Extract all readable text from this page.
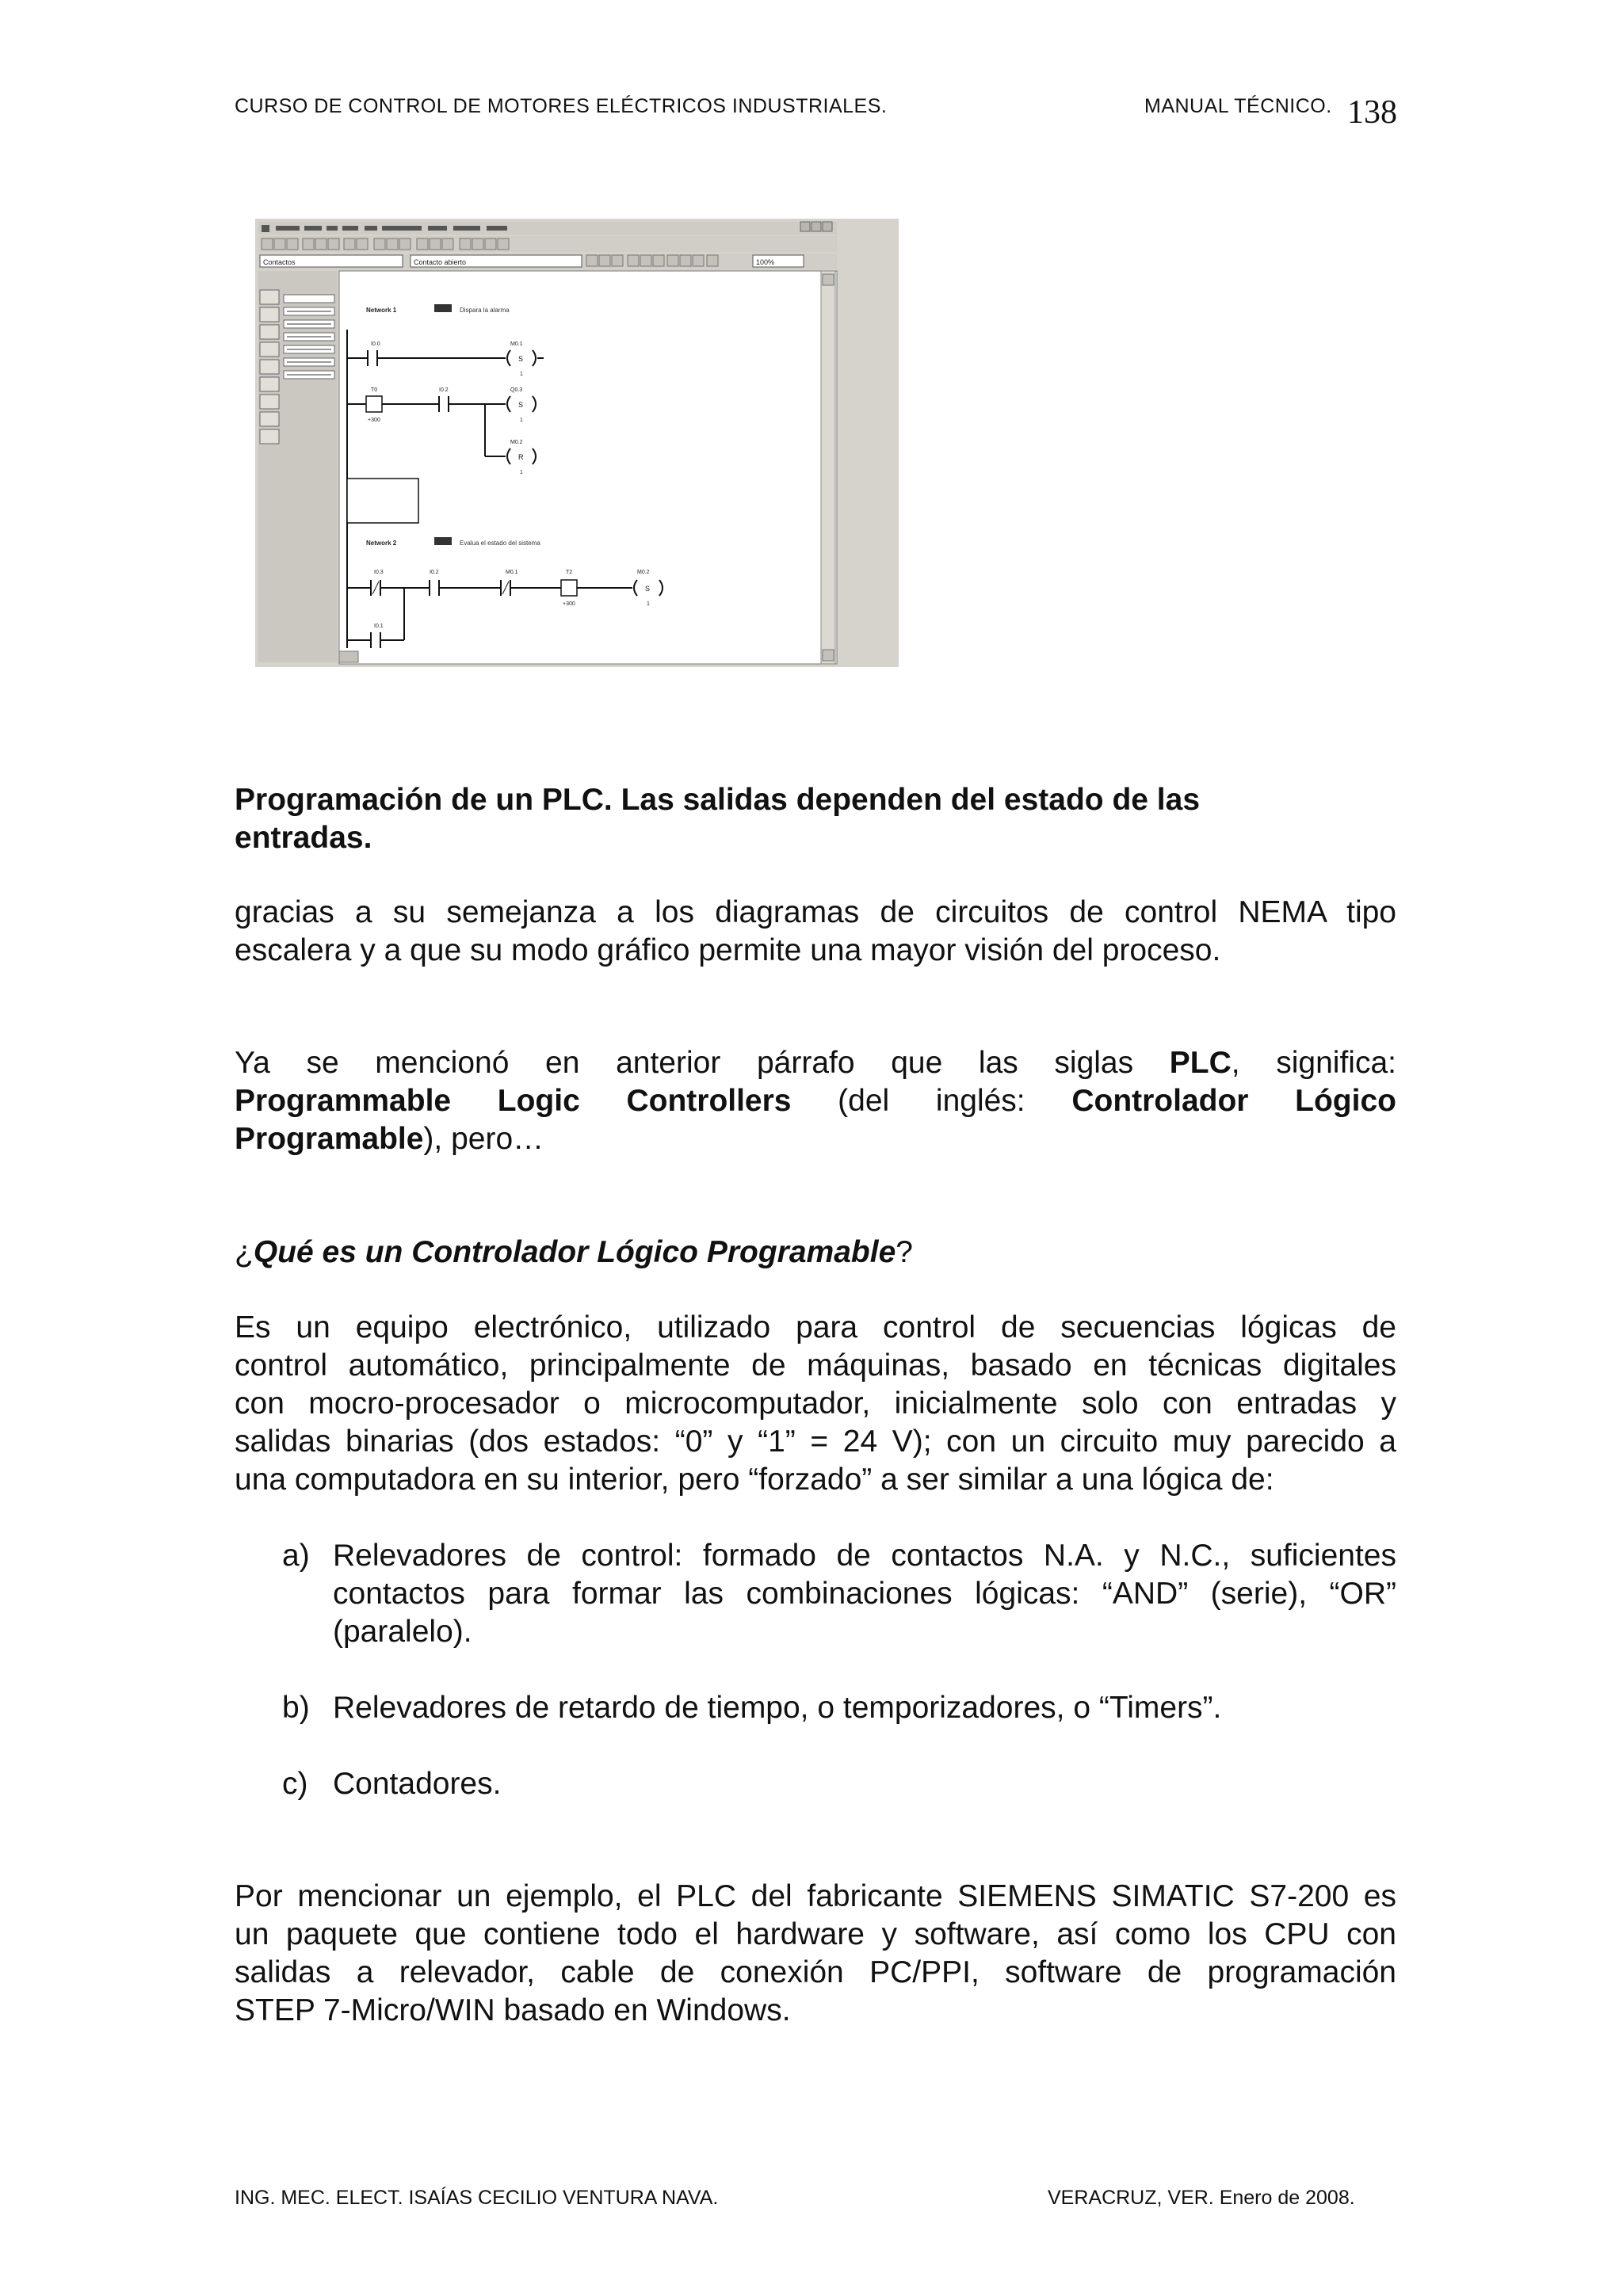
CURSO DE CONTROL DE MOTORES ELÉCTRICOS INDUSTRIALES.	MANUAL TÉCNICO. 138
Contactos	Contacto abierto	100%
Network 1	Dispara la alarma
I0.0	M0.1
S
1
T0
+300
I0.2	Q0.3
S
1
M0.2
R
1
Network 2	Evalua el estado del sistema
I0.3	I0.2	M0.1	T2
+300
M0.2
S
1
I0.1
Programación de un PLC. Las salidas dependen del estado de las
entradas.
gracias a su semejanza a los diagramas de circuitos de control NEMA tipo
escalera y a que su modo gráfico permite una mayor visión del proceso.
Ya se mencionó en anterior párrafo que las siglas PLC, significa:
Programmable Logic Controllers (del inglés: Controlador Lógico
Programable), pero…
¿Qué es un Controlador Lógico Programable?
Es un equipo electrónico, utilizado para control de secuencias lógicas de
control automático, principalmente de máquinas, basado en técnicas digitales
con mocro-procesador o microcomputador, inicialmente solo con entradas y
salidas binarias (dos estados: “0” y “1” = 24 V); con un circuito muy parecido a
una computadora en su interior, pero “forzado” a ser similar a una lógica de:
a) Relevadores de control: formado de contactos N.A. y N.C., suficientes
contactos para formar las combinaciones lógicas: “AND” (serie), “OR”
(paralelo).
b) Relevadores de retardo de tiempo, o temporizadores, o “Timers”.
c) Contadores.
Por mencionar un ejemplo, el PLC del fabricante SIEMENS SIMATIC S7-200 es
un paquete que contiene todo el hardware y software, así como los CPU con
salidas a relevador, cable de conexión PC/PPI, software de programación
STEP 7-Micro/WIN basado en Windows.
ING. MEC. ELECT. ISAÍAS CECILIO VENTURA NAVA.	VERACRUZ, VER. Enero de 2008.
